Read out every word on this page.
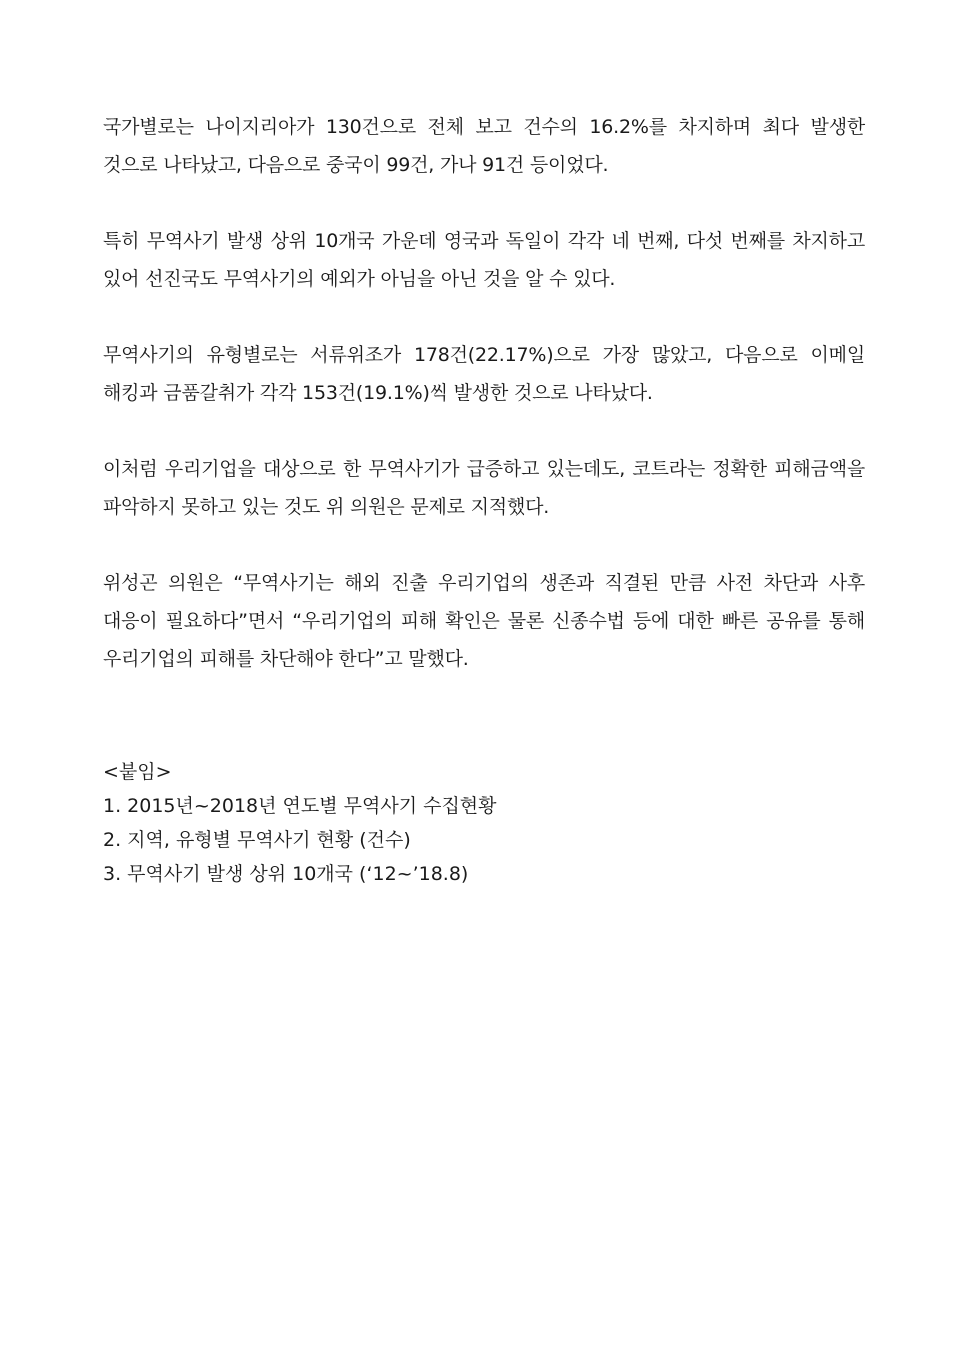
국가별로는 나이지리아가 130건으로 전체 보고 건수의 16.2%를 차지하며 최다 발생한 것으로 나타났고, 다음으로 중국이 99건, 가나 91건 등이었다.

특히 무역사기 발생 상위 10개국 가운데 영국과 독일이 각각 네 번째, 다섯 번째를 차지하고 있어 선진국도 무역사기의 예외가 아님을 아닌 것을 알 수 있다.

무역사기의 유형별로는 서류위조가 178건(22.17%)으로 가장 많았고, 다음으로 이메일 해킹과 금품갈취가 각각 153건(19.1%)씩 발생한 것으로 나타났다.

이처럼 우리기업을 대상으로 한 무역사기가 급증하고 있는데도, 코트라는 정확한 피해금액을 파악하지 못하고 있는 것도 위 의원은 문제로 지적했다.

위성곤 의원은 “무역사기는 해외 진출 우리기업의 생존과 직결된 만큼 사전 차단과 사후 대응이 필요하다”면서 “우리기업의 피해 확인은 물론 신종수법 등에 대한 빠른 공유를 통해 우리기업의 피해를 차단해야 한다”고 말했다.

<붙임>

1. 2015년~2018년 연도별 무역사기 수집현황
2. 지역, 유형별 무역사기 현황 (건수)
3. 무역사기 발생 상위 10개국 (‘12~’18.8)
